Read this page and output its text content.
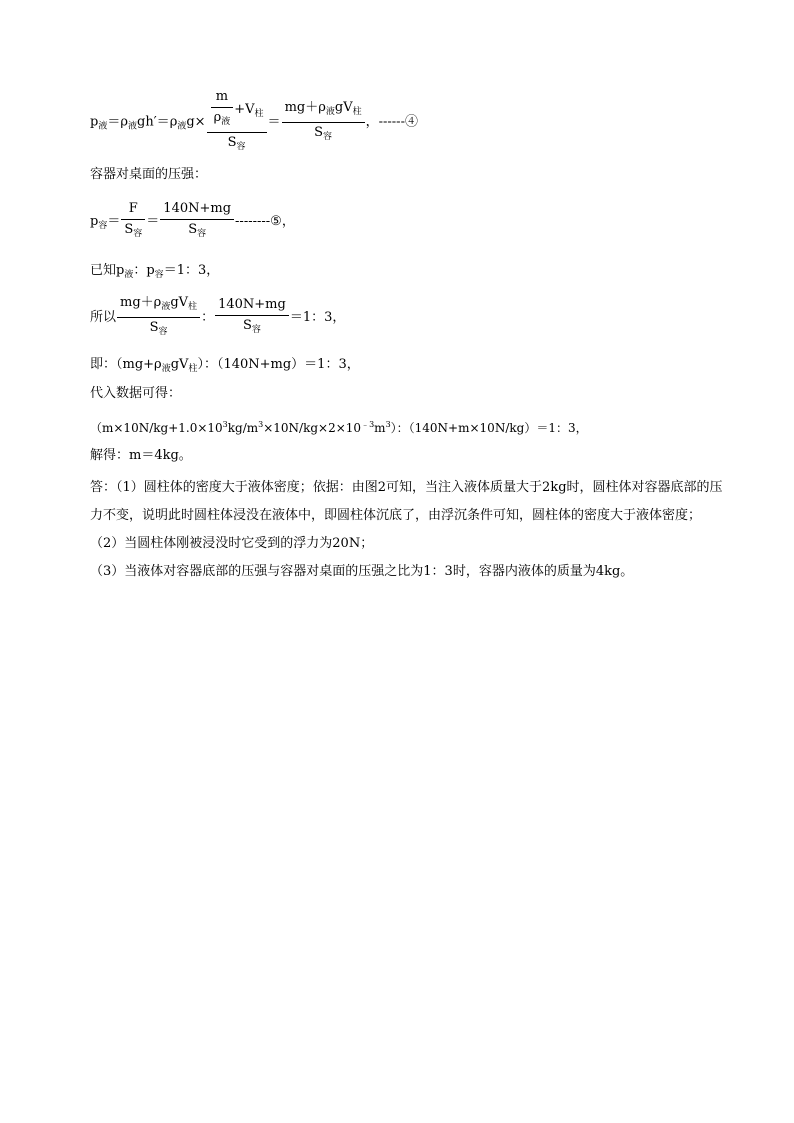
$p_液=\rho_液gh'=\rho_液g\times \frac{\frac{m}{\rho_液} +V_柱}{S_容} = \frac{mg+\rho_液gV_柱}{S_容}$ ，------④
容器对桌面的压强：
$p_容= \frac{F}{S_容} = \frac{140N+mg}{S_容}$ --------⑤，
已知$p_液$：$p_容=1$：3，
所以 $\frac{mg+\rho_液gV_柱}{S_容}$ ： $\frac{140N+mg}{S_容} =1$：3，
即：$(mg+\rho_液gV_柱)$：（140N+mg）＝1：3，
代入数据可得：
$(m\times 10N/kg+1.0\times 10^3kg/m^3\times 10N/kg\times 2\times 10^{﹣3}m^3)$：（140N+m×10N/kg）＝1：3，
解得：m＝4kg。

答：（1）圆柱体的密度大于液体密度；依据：由图2可知，当注入液体质量大于2kg时，圆柱体对容器底部的压力不变，说明此时圆柱体浸没在液体中，即圆柱体沉底了，由浮沉条件可知，圆柱体的密度大于液体密度；

（2）当圆柱体刚被浸没时它受到的浮力为20N；

（3）当液体对容器底部的压强与容器对桌面的压强之比为1：3时，容器内液体的质量为4kg。
